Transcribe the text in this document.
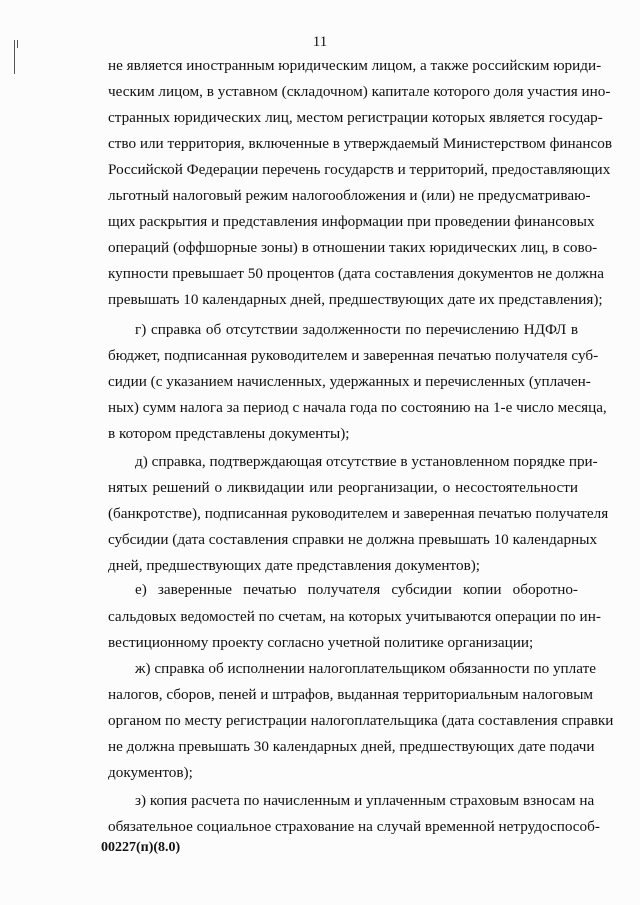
11
не является иностранным юридическим лицом, а также российским юриди-
ческим лицом, в уставном (складочном) капитале которого доля участия ино-
странных юридических лиц, местом регистрации которых является государ-
ство или территория, включенные в утверждаемый Министерством финансов
Российской Федерации перечень государств и территорий, предоставляющих
льготный налоговый режим налогообложения и (или) не предусматриваю-
щих раскрытия и представления информации при проведении финансовых
операций (оффшорные зоны) в отношении таких юридических лиц, в сово-
купности превышает 50 процентов (дата составления документов не должна
превышать 10 календарных дней, предшествующих дате их представления);
г) справка об отсутствии задолженности по перечислению НДФЛ в
бюджет, подписанная руководителем и заверенная печатью получателя суб-
сидии (с указанием начисленных, удержанных и перечисленных (уплачен-
ных) сумм налога за период с начала года по состоянию на 1-е число месяца,
в котором представлены документы);
д) справка, подтверждающая отсутствие в установленном порядке при-
нятых решений о ликвидации или реорганизации, о несостоятельности
(банкротстве), подписанная руководителем и заверенная печатью получателя
субсидии (дата составления справки не должна превышать 10 календарных
дней, предшествующих дате представления документов);
е) заверенные печатью получателя субсидии копии оборотно-
сальдовых ведомостей по счетам, на которых учитываются операции по ин-
вестиционному проекту согласно учетной политике организации;
ж) справка об исполнении налогоплательщиком обязанности по уплате
налогов, сборов, пеней и штрафов, выданная территориальным налоговым
органом по месту регистрации налогоплательщика (дата составления справки
не должна превышать 30 календарных дней, предшествующих дате подачи
документов);
з) копия расчета по начисленным и уплаченным страховым взносам на
обязательное социальное страхование на случай временной нетрудоспособ-
00227(п)(8.0)
